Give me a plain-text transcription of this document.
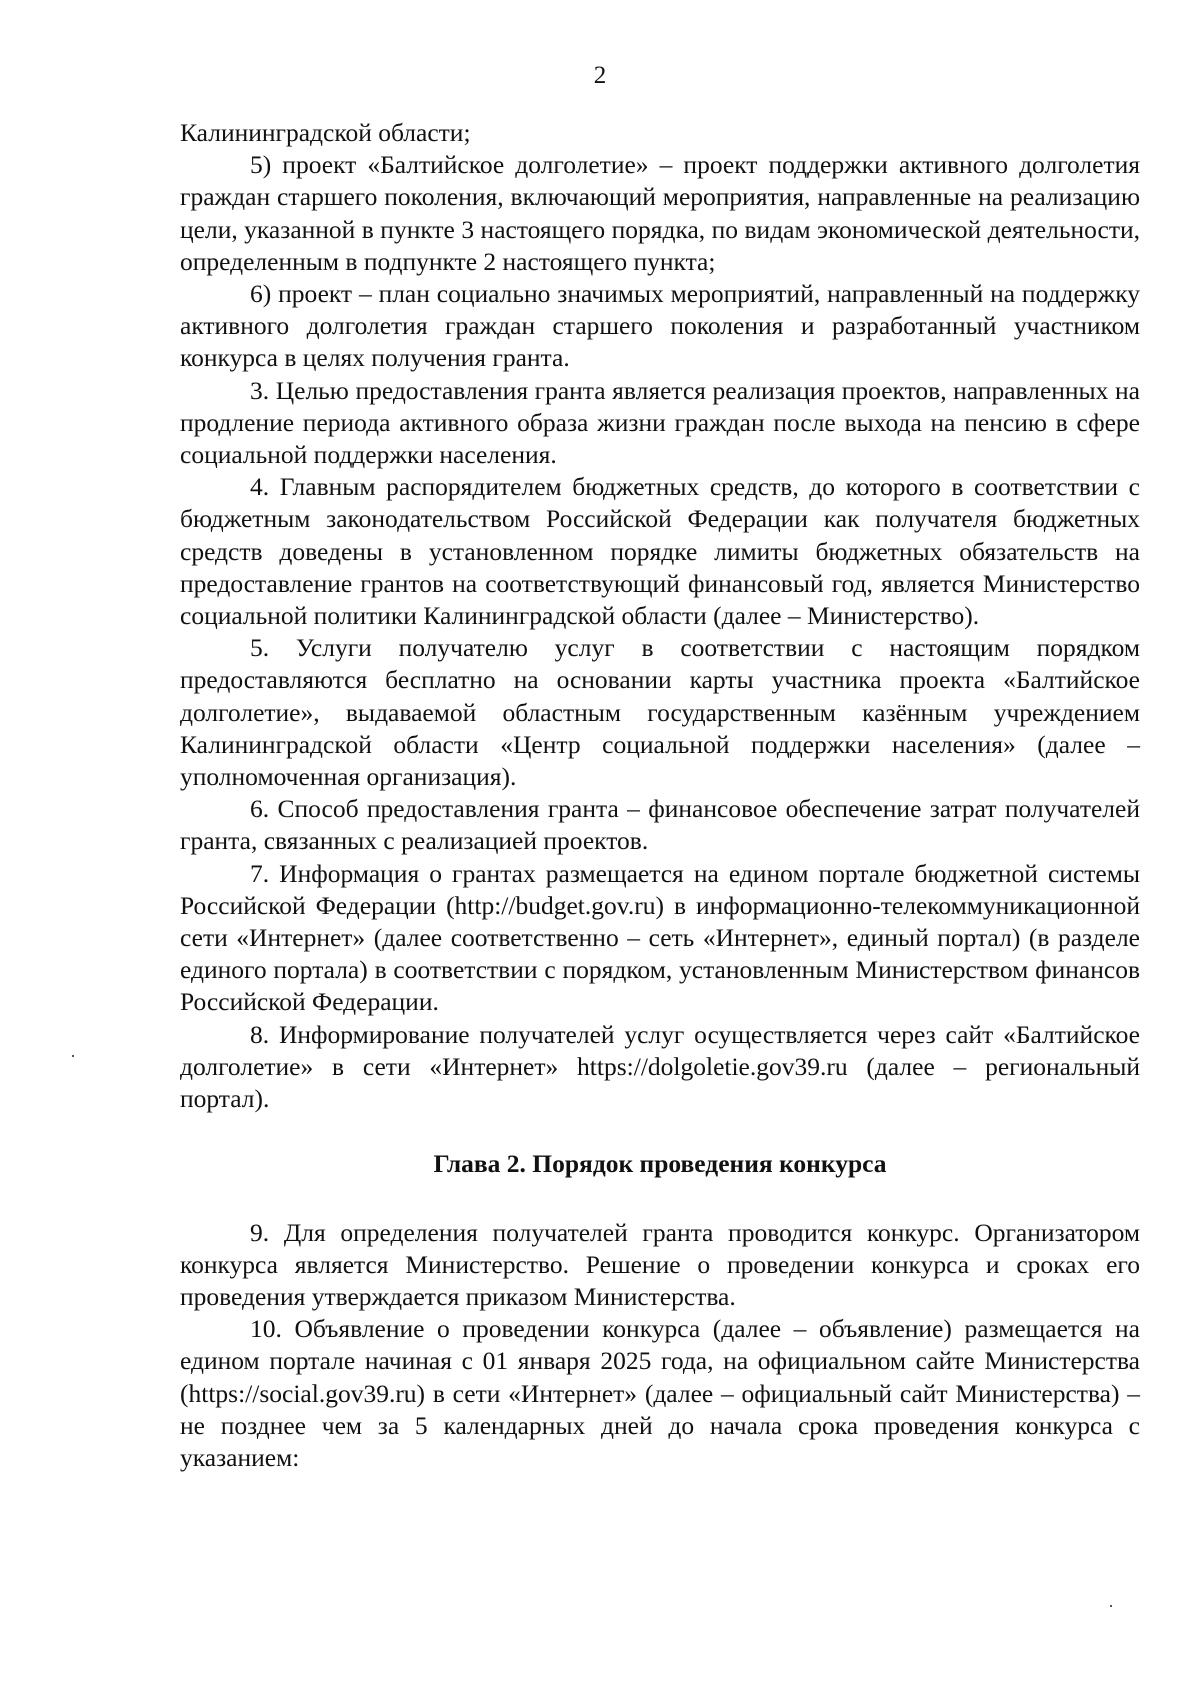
2

Калининградской области;

5) проект «Балтийское долголетие» – проект поддержки активного долголетия граждан старшего поколения, включающий мероприятия, направленные на реализацию цели, указанной в пункте 3 настоящего порядка, по видам экономической деятельности, определенным в подпункте 2 настоящего пункта;

6) проект – план социально значимых мероприятий, направленный на поддержку активного долголетия граждан старшего поколения и разработанный участником конкурса в целях получения гранта.

3. Целью предоставления гранта является реализация проектов, направленных на продление периода активного образа жизни граждан после выхода на пенсию в сфере социальной поддержки населения.

4. Главным распорядителем бюджетных средств, до которого в соответствии с бюджетным законодательством Российской Федерации как получателя бюджетных средств доведены в установленном порядке лимиты бюджетных обязательств на предоставление грантов на соответствующий финансовый год, является Министерство социальной политики Калининградской области (далее – Министерство).

5. Услуги получателю услуг в соответствии с настоящим порядком предоставляются бесплатно на основании карты участника проекта «Балтийское долголетие», выдаваемой областным государственным казённым учреждением Калининградской области «Центр социальной поддержки населения» (далее – уполномоченная организация).

6. Способ предоставления гранта – финансовое обеспечение затрат получателей гранта, связанных с реализацией проектов.

7. Информация о грантах размещается на едином портале бюджетной системы Российской Федерации (http://budget.gov.ru) в информационно-телекоммуникационной сети «Интернет» (далее соответственно – сеть «Интернет», единый портал) (в разделе единого портала) в соответствии с порядком, установленным Министерством финансов Российской Федерации.

8. Информирование получателей услуг осуществляется через сайт «Балтийское долголетие» в сети «Интернет» https://dolgoletie.gov39.ru (далее – региональный портал).

Глава 2. Порядок проведения конкурса

9. Для определения получателей гранта проводится конкурс. Организатором конкурса является Министерство. Решение о проведении конкурса и сроках его проведения утверждается приказом Министерства.

10. Объявление о проведении конкурса (далее – объявление) размещается на едином портале начиная с 01 января 2025 года, на официальном сайте Министерства (https://social.gov39.ru) в сети «Интернет» (далее – официальный сайт Министерства) – не позднее чем за 5 календарных дней до начала срока проведения конкурса с указанием:
